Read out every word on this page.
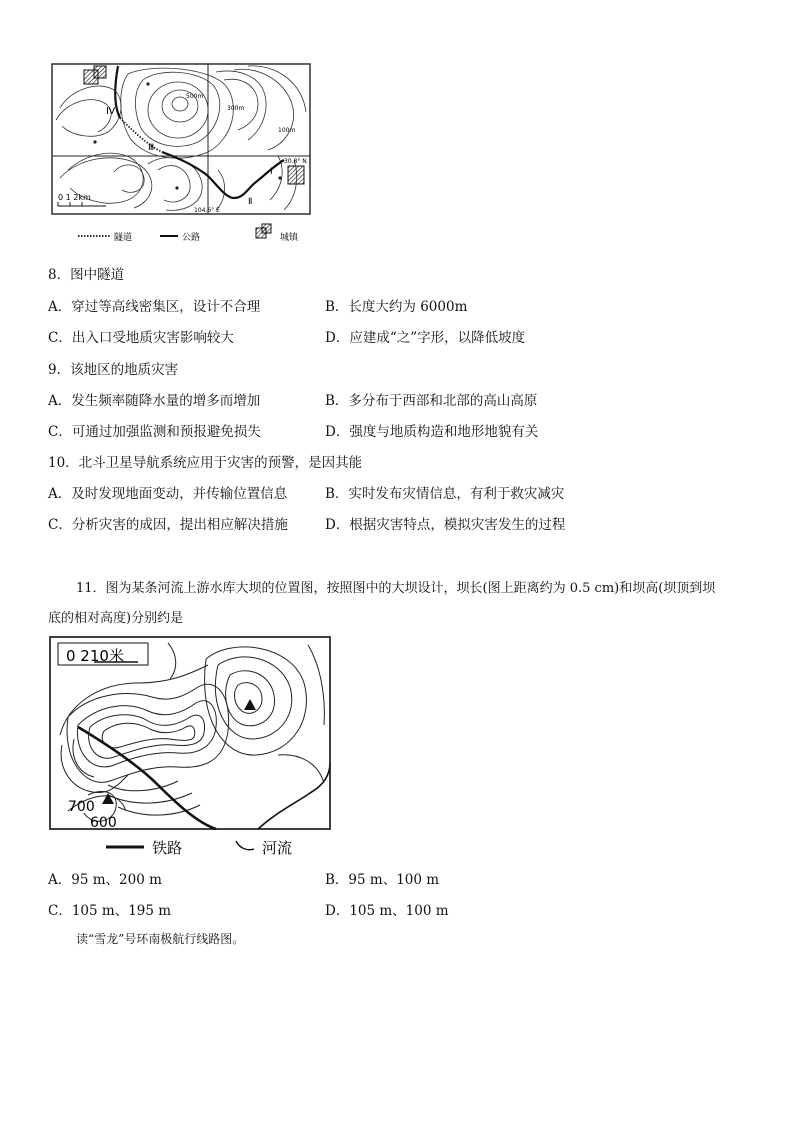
Ⅳ
Ⅲ
Ⅱ
Ⅰ
500m
300m
100m
30.8° N
104.6° E
0 1 2km
隧道	公路	城镇
8．图中隧道
A．穿过等高线密集区，设计不合理	B．长度大约为 6000m
C．出入口受地质灾害影响较大	D．应建成“之”字形，以降低坡度
9．该地区的地质灾害
A．发生频率随降水量的增多而增加	B．多分布于西部和北部的高山高原
C．可通过加强监测和预报避免损失	D．强度与地质构造和地形地貌有关
10．北斗卫星导航系统应用于灾害的预警，是因其能
A．及时发现地面变动，并传输位置信息	B．实时发布灾情信息，有利于救灾减灾
C．分析灾害的成因，提出相应解决措施	D．根据灾害特点，模拟灾害发生的过程
11．图为某条河流上游水库大坝的位置图，按照图中的大坝设计，坝长(图上距离约为 0.5 cm)和坝高(坝顶到坝
底的相对高度)分别约是
0 210米
700
600
铁路	河流
A．95 m、200 m	B．95 m、100 m
C．105 m、195 m	D．105 m、100 m
读“雪龙”号环南极航行线路图。
